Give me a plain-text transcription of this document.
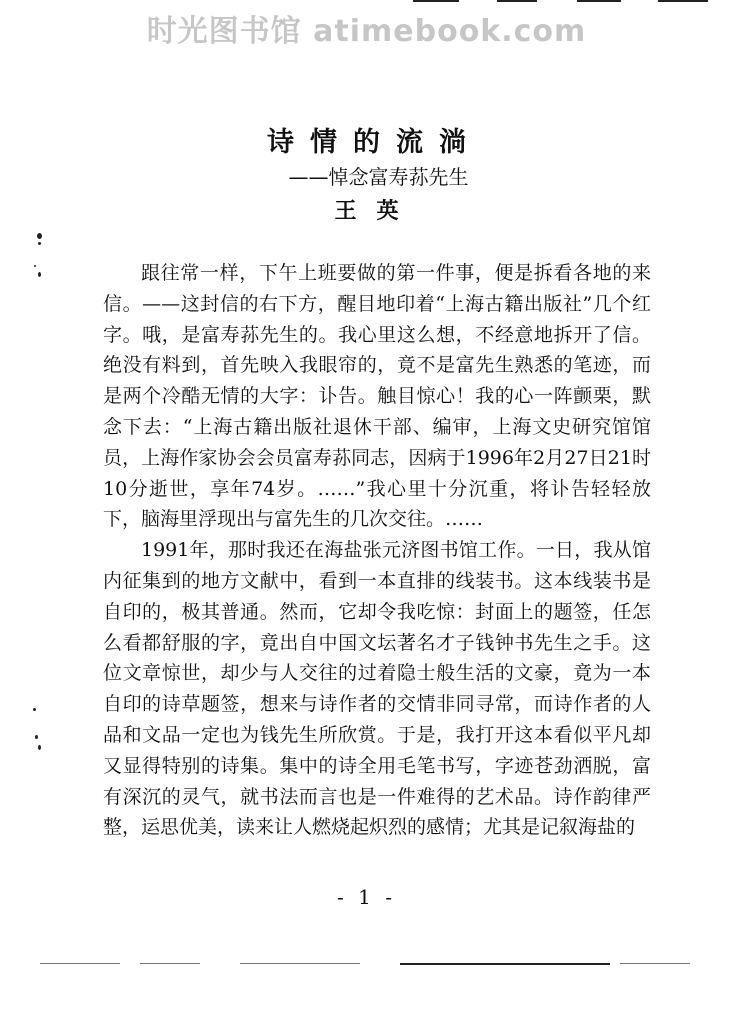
时光图书馆 atimebook.com
诗情的流淌
——悼念富寿荪先生
王英

跟往常一样，下午上班要做的第一件事，便是拆看各地的来信。——这封信的右下方，醒目地印着“上海古籍出版社”几个红字。哦，是富寿荪先生的。我心里这么想，不经意地拆开了信。绝没有料到，首先映入我眼帘的，竟不是富先生熟悉的笔迹，而是两个冷酷无情的大字：讣告。触目惊心！我的心一阵颤栗，默念下去：“上海古籍出版社退休干部、编审，上海文史研究馆馆员，上海作家协会会员富寿荪同志，因病于1996年2月27日21时10分逝世，享年74岁。……”我心里十分沉重，将讣告轻轻放下，脑海里浮现出与富先生的几次交往。……

1991年，那时我还在海盐张元济图书馆工作。一日，我从馆内征集到的地方文献中，看到一本直排的线装书。这本线装书是自印的，极其普通。然而，它却令我吃惊：封面上的题签，任怎么看都舒服的字，竟出自中国文坛著名才子钱钟书先生之手。这位文章惊世，却少与人交往的过着隐士般生活的文豪，竟为一本自印的诗草题签，想来与诗作者的交情非同寻常，而诗作者的人品和文品一定也为钱先生所欣赏。于是，我打开这本看似平凡却又显得特别的诗集。集中的诗全用毛笔书写，字迹苍劲洒脱，富有深沉的灵气，就书法而言也是一件难得的艺术品。诗作韵律严整，运思优美，读来让人燃烧起炽烈的感情；尤其是记叙海盐的

- 1 -
